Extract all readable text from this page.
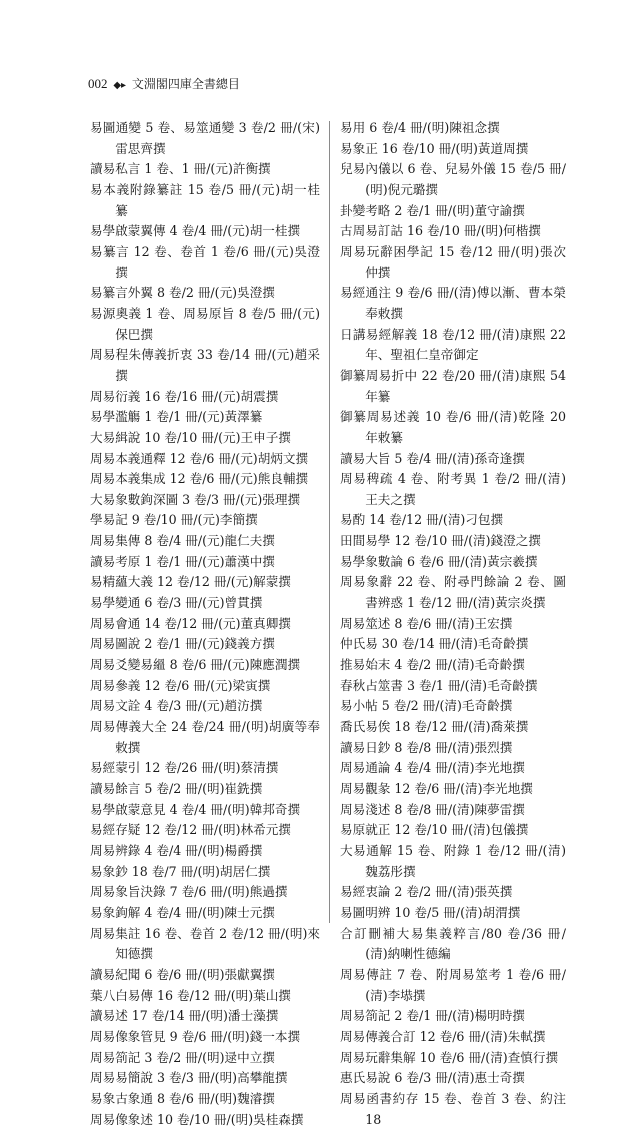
002 ◆▸ 文淵閣四庫全書總目
易圖通變 5 卷、易筮通變 3 卷/2 冊/(宋)雷思齊撰
讀易私言 1 卷、1 冊/(元)許衡撰
易本義附錄纂註 15 卷/5 冊/(元)胡一桂纂
易學啟蒙翼傳 4 卷/4 冊/(元)胡一桂撰
易纂言 12 卷、卷首 1 卷/6 冊/(元)吳澄撰
易纂言外翼 8 卷/2 冊/(元)吳澄撰
易源奧義 1 卷、周易原旨 8 卷/5 冊/(元)保巴撰
周易程朱傳義折衷 33 卷/14 冊/(元)趙采撰
周易衍義 16 卷/16 冊/(元)胡震撰
易學濫觴 1 卷/1 冊/(元)黃澤纂
大易緝說 10 卷/10 冊/(元)王申子撰
周易本義通釋 12 卷/6 冊/(元)胡炳文撰
周易本義集成 12 卷/6 冊/(元)熊良輔撰
大易象數鉤深圖 3 卷/3 冊/(元)張理撰
學易記 9 卷/10 冊/(元)李簡撰
周易集傳 8 卷/4 冊/(元)龍仁夫撰
讀易考原 1 卷/1 冊/(元)蕭漢中撰
易精蘊大義 12 卷/12 冊/(元)解蒙撰
易學變通 6 卷/3 冊/(元)曾貫撰
周易會通 14 卷/12 冊/(元)董真卿撰
周易圖說 2 卷/1 冊/(元)錢義方撰
周易爻變易縕 8 卷/6 冊/(元)陳應潤撰
周易參義 12 卷/6 冊/(元)梁寅撰
周易文詮 4 卷/3 冊/(元)趙汸撰
周易傳義大全 24 卷/24 冊/(明)胡廣等奉敕撰
易經蒙引 12 卷/26 冊/(明)蔡清撰
讀易餘言 5 卷/2 冊/(明)崔銑撰
易學啟蒙意見 4 卷/4 冊/(明)韓邦奇撰
易經存疑 12 卷/12 冊/(明)林希元撰
周易辨錄 4 卷/4 冊/(明)楊爵撰
易象鈔 18 卷/7 冊/(明)胡居仁撰
周易象旨決錄 7 卷/6 冊/(明)熊過撰
易象鉤解 4 卷/4 冊/(明)陳士元撰
周易集註 16 卷、卷首 2 卷/12 冊/(明)來知德撰
讀易紀聞 6 卷/6 冊/(明)張獻翼撰
葉八白易傳 16 卷/12 冊/(明)葉山撰
讀易述 17 卷/14 冊/(明)潘士藻撰
周易像象管見 9 卷/6 冊/(明)錢一本撰
周易箚記 3 卷/2 冊/(明)逯中立撰
周易易簡說 3 卷/3 冊/(明)高攀龍撰
易象古象通 8 卷/6 冊/(明)魏濬撰
周易像象述 10 卷/10 冊/(明)吳桂森撰
易用 6 卷/4 冊/(明)陳祖念撰
易象正 16 卷/10 冊/(明)黃道周撰
兒易內儀以 6 卷、兒易外儀 15 卷/5 冊/(明)倪元璐撰
卦變考略 2 卷/1 冊/(明)董守諭撰
古周易訂詁 16 卷/10 冊/(明)何楷撰
周易玩辭困學記 15 卷/12 冊/(明)張次仲撰
易經通注 9 卷/6 冊/(清)傅以漸、曹本榮奉敕撰
日講易經解義 18 卷/12 冊/(清)康熙 22 年、聖祖仁皇帝御定
御纂周易折中 22 卷/20 冊/(清)康熙 54 年纂
御纂周易述義 10 卷/6 冊/(清)乾隆 20 年敕纂
讀易大旨 5 卷/4 冊/(清)孫奇逢撰
周易稗疏 4 卷、附考異 1 卷/2 冊/(清)王夫之撰
易酌 14 卷/12 冊/(清)刁包撰
田間易學 12 卷/10 冊/(清)錢澄之撰
易學象數論 6 卷/6 冊/(清)黃宗羲撰
周易象辭 22 卷、附尋門餘論 2 卷、圖書辨惑 1 卷/12 冊/(清)黃宗炎撰
周易筮述 8 卷/6 冊/(清)王宏撰
仲氏易 30 卷/14 冊/(清)毛奇齡撰
推易始末 4 卷/2 冊/(清)毛奇齡撰
春秋占筮書 3 卷/1 冊/(清)毛奇齡撰
易小帖 5 卷/2 冊/(清)毛奇齡撰
喬氏易俟 18 卷/12 冊/(清)喬萊撰
讀易日鈔 8 卷/8 冊/(清)張烈撰
周易通論 4 卷/4 冊/(清)李光地撰
周易觀彖 12 卷/6 冊/(清)李光地撰
周易淺述 8 卷/8 冊/(清)陳夢雷撰
易原就正 12 卷/10 冊/(清)包儀撰
大易通解 15 卷、附錄 1 卷/12 冊/(清)魏荔彤撰
易經衷論 2 卷/2 冊/(清)張英撰
易圖明辨 10 卷/5 冊/(清)胡渭撰
合訂刪補大易集義粹言/80 卷/36 冊/(清)納喇性德編
周易傳註 7 卷、附周易筮考 1 卷/6 冊/(清)李塨撰
周易箚記 2 卷/1 冊/(清)楊明時撰
周易傳義合訂 12 卷/6 冊/(清)朱軾撰
周易玩辭集解 10 卷/6 冊/(清)查慎行撰
惠氏易說 6 卷/3 冊/(清)惠士奇撰
周易函書約存 15 卷、卷首 3 卷、約注 18
